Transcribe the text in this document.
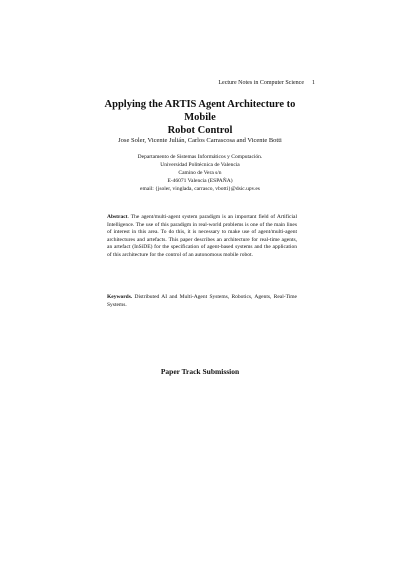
Lecture Notes in Computer Science 1
Applying the ARTIS Agent Architecture to Mobile
Robot Control
Jose Soler, Vicente Julián, Carlos Carrascosa and Vicente Botti
Departamento de Sistemas Informáticos y Computación.
Universidad Politécnica de Valencia
Camino de Vera s/n
E-46071 Valencia (ESPAÑA)
email: {jsoler, vinglada, carrasco, vbotti}@dsic.upv.es
Abstract. The agent/multi-agent system paradigm is an important field of Artificial Intelligence. The use of this paradigm in real-world problems is one of the main lines of interest in this area. To do this, it is necessary to make use of agent/multi-agent architectures and artefacts. This paper describes an architecture for real-time agents, an artefact (InSiDE) for the specification of agent-based systems and the application of this architecture for the control of an autonomous mobile robot.
Keywords. Distributed AI and Multi-Agent Systems, Robotics, Agents, Real-Time Systems.
Paper Track Submission
